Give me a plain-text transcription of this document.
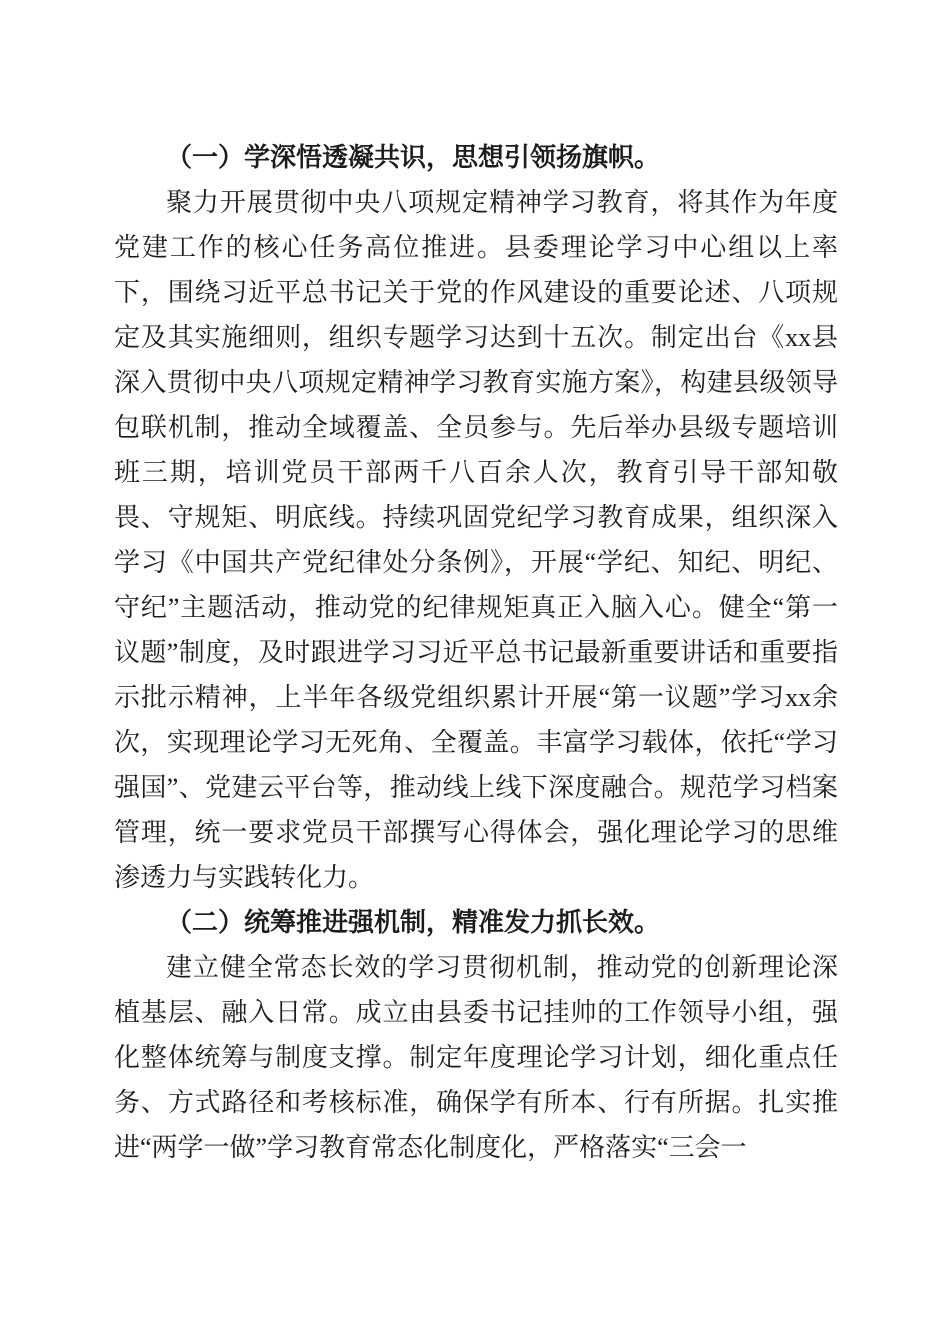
（一）学深悟透凝共识，思想引领扬旗帜。

聚力开展贯彻中央八项规定精神学习教育，将其作为年度党建工作的核心任务高位推进。县委理论学习中心组以上率下，围绕习近平总书记关于党的作风建设的重要论述、八项规定及其实施细则，组织专题学习达到十五次。制定出台《xx县深入贯彻中央八项规定精神学习教育实施方案》，构建县级领导包联机制，推动全域覆盖、全员参与。先后举办县级专题培训班三期，培训党员干部两千八百余人次，教育引导干部知敬畏、守规矩、明底线。持续巩固党纪学习教育成果，组织深入学习《中国共产党纪律处分条例》，开展“学纪、知纪、明纪、守纪”主题活动，推动党的纪律规矩真正入脑入心。健全“第一议题”制度，及时跟进学习习近平总书记最新重要讲话和重要指示批示精神，上半年各级党组织累计开展“第一议题”学习xx余次，实现理论学习无死角、全覆盖。丰富学习载体，依托“学习强国”、党建云平台等，推动线上线下深度融合。规范学习档案管理，统一要求党员干部撰写心得体会，强化理论学习的思维渗透力与实践转化力。

（二）统筹推进强机制，精准发力抓长效。

建立健全常态长效的学习贯彻机制，推动党的创新理论深植基层、融入日常。成立由县委书记挂帅的工作领导小组，强化整体统筹与制度支撑。制定年度理论学习计划，细化重点任务、方式路径和考核标准，确保学有所本、行有所据。扎实推进“两学一做”学习教育常态化制度化，严格落实“三会一
